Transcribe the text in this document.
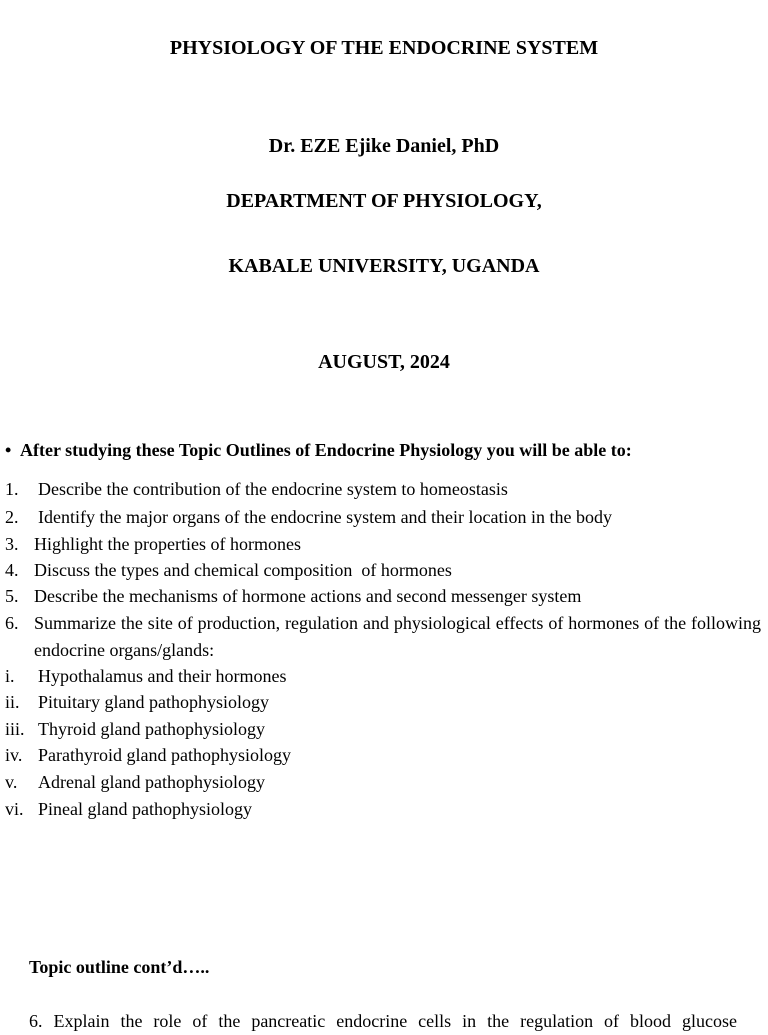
PHYSIOLOGY OF THE ENDOCRINE SYSTEM
Dr. EZE Ejike Daniel, PhD
DEPARTMENT OF PHYSIOLOGY,
KABALE UNIVERSITY, UGANDA
AUGUST, 2024
• After studying these Topic Outlines of Endocrine Physiology you will be able to:
1. Describe the contribution of the endocrine system to homeostasis
2. Identify the major organs of the endocrine system and their location in the body
3. Highlight the properties of hormones
4. Discuss the types and chemical composition  of hormones
5. Describe the mechanisms of hormone actions and second messenger system
6. Summarize the site of production, regulation and physiological effects of hormones of the following endocrine organs/glands:
i. Hypothalamus and their hormones
ii. Pituitary gland pathophysiology
iii. Thyroid gland pathophysiology
iv. Parathyroid gland pathophysiology
v. Adrenal gland pathophysiology
vi. Pineal gland pathophysiology
Topic outline cont’d…..
6. Explain the role of the pancreatic endocrine cells in the regulation of blood glucose
